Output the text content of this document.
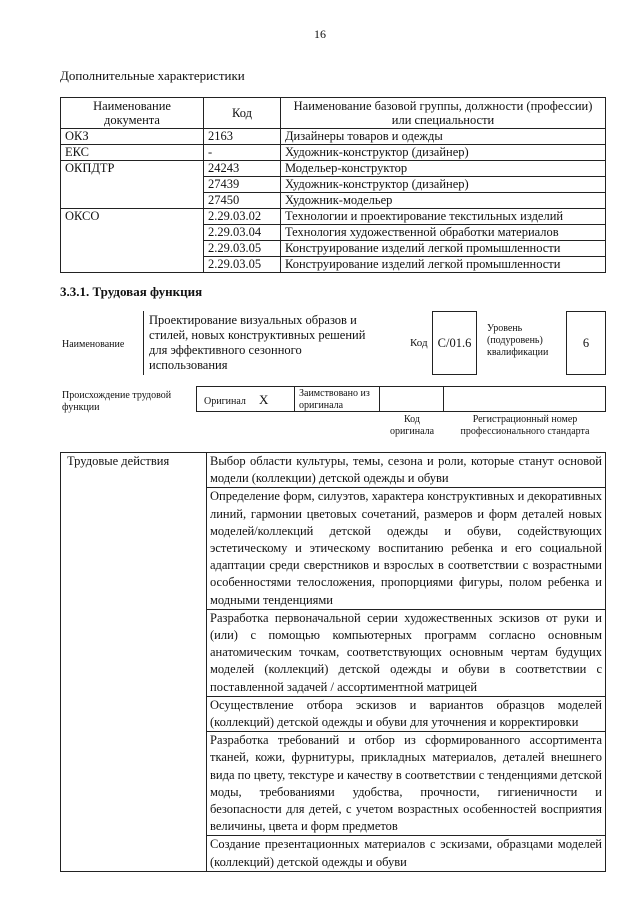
16
Дополнительные характеристики
Наименование документа	Код	Наименование базовой группы, должности (профессии) или специальности
ОКЗ	2163	Дизайнеры товаров и одежды
ЕКС	-	Художник-конструктор (дизайнер)
ОКПДТР	24243	Модельер-конструктор
	27439	Художник-конструктор (дизайнер)
	27450	Художник-модельер
ОКСО	2.29.03.02	Технологии и проектирование текстильных изделий
	2.29.03.04	Технология художественной обработки материалов
	2.29.03.05	Конструирование изделий легкой промышленности
	2.29.03.05	Конструирование изделий легкой промышленности
3.3.1. Трудовая функция
Наименование
Проектирование визуальных образов и стилей, новых конструктивных решений для эффективного сезонного использования
Код С/01.6
Уровень (подуровень) квалификации
6
Происхождение трудовой функции
Оригинал X	Заимствовано из оригинала
Код оригинала
Регистрационный номер профессионального стандарта
Трудовые действия	Выбор области культуры, темы, сезона и роли, которые станут основой модели (коллекции) детской одежды и обуви
Определение форм, силуэтов, характера конструктивных и декоративных линий, гармонии цветовых сочетаний, размеров и форм деталей новых моделей/коллекций детской одежды и обуви, содействующих эстетическому и этическому воспитанию ребенка и его социальной адаптации среди сверстников и взрослых в соответствии с возрастными особенностями телосложения, пропорциями фигуры, полом ребенка и модными тенденциями
Разработка первоначальной серии художественных эскизов от руки и (или) с помощью компьютерных программ согласно основным анатомическим точкам, соответствующих основным чертам будущих моделей (коллекций) детской одежды и обуви в соответствии с поставленной задачей / ассортиментной матрицей
Осуществление отбора эскизов и вариантов образцов моделей (коллекций) детской одежды и обуви для уточнения и корректировки
Разработка требований и отбор из сформированного ассортимента тканей, кожи, фурнитуры, прикладных материалов, деталей внешнего вида по цвету, текстуре и качеству в соответствии с тенденциями детской моды, требованиями удобства, прочности, гигиеничности и безопасности для детей, с учетом возрастных особенностей восприятия величины, цвета и форм предметов
Создание презентационных материалов с эскизами, образцами моделей (коллекций) детской одежды и обуви
